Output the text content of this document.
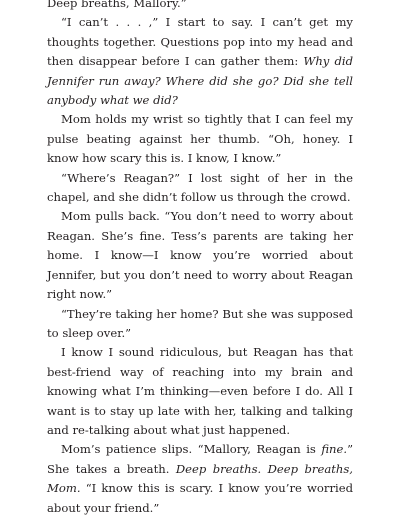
Deep breaths, Mallory.”

“I can’t . . . ,” I start to say. I can’t get my thoughts together. Questions pop into my head and then disappear before I can gather them: Why did Jennifer run away? Where did she go? Did she tell anybody what we did?

Mom holds my wrist so tightly that I can feel my pulse beating against her thumb. “Oh, honey. I know how scary this is. I know, I know.”

“Where’s Reagan?” I lost sight of her in the chapel, and she didn’t follow us through the crowd.

Mom pulls back. “You don’t need to worry about Reagan. She’s fine. Tess’s parents are taking her home. I know—I know you’re worried about Jennifer, but you don’t need to worry about Reagan right now.”

“They’re taking her home? But she was supposed to sleep over.”

I know I sound ridiculous, but Reagan has that best-friend way of reaching into my brain and knowing what I’m thinking—even before I do. All I want is to stay up late with her, talking and talking and re-talking about what just happened.

Mom’s patience slips. “Mallory, Reagan is fine.” She takes a breath. Deep breaths. Deep breaths, Mom. “I know this is scary. I know you’re worried about your friend.”
